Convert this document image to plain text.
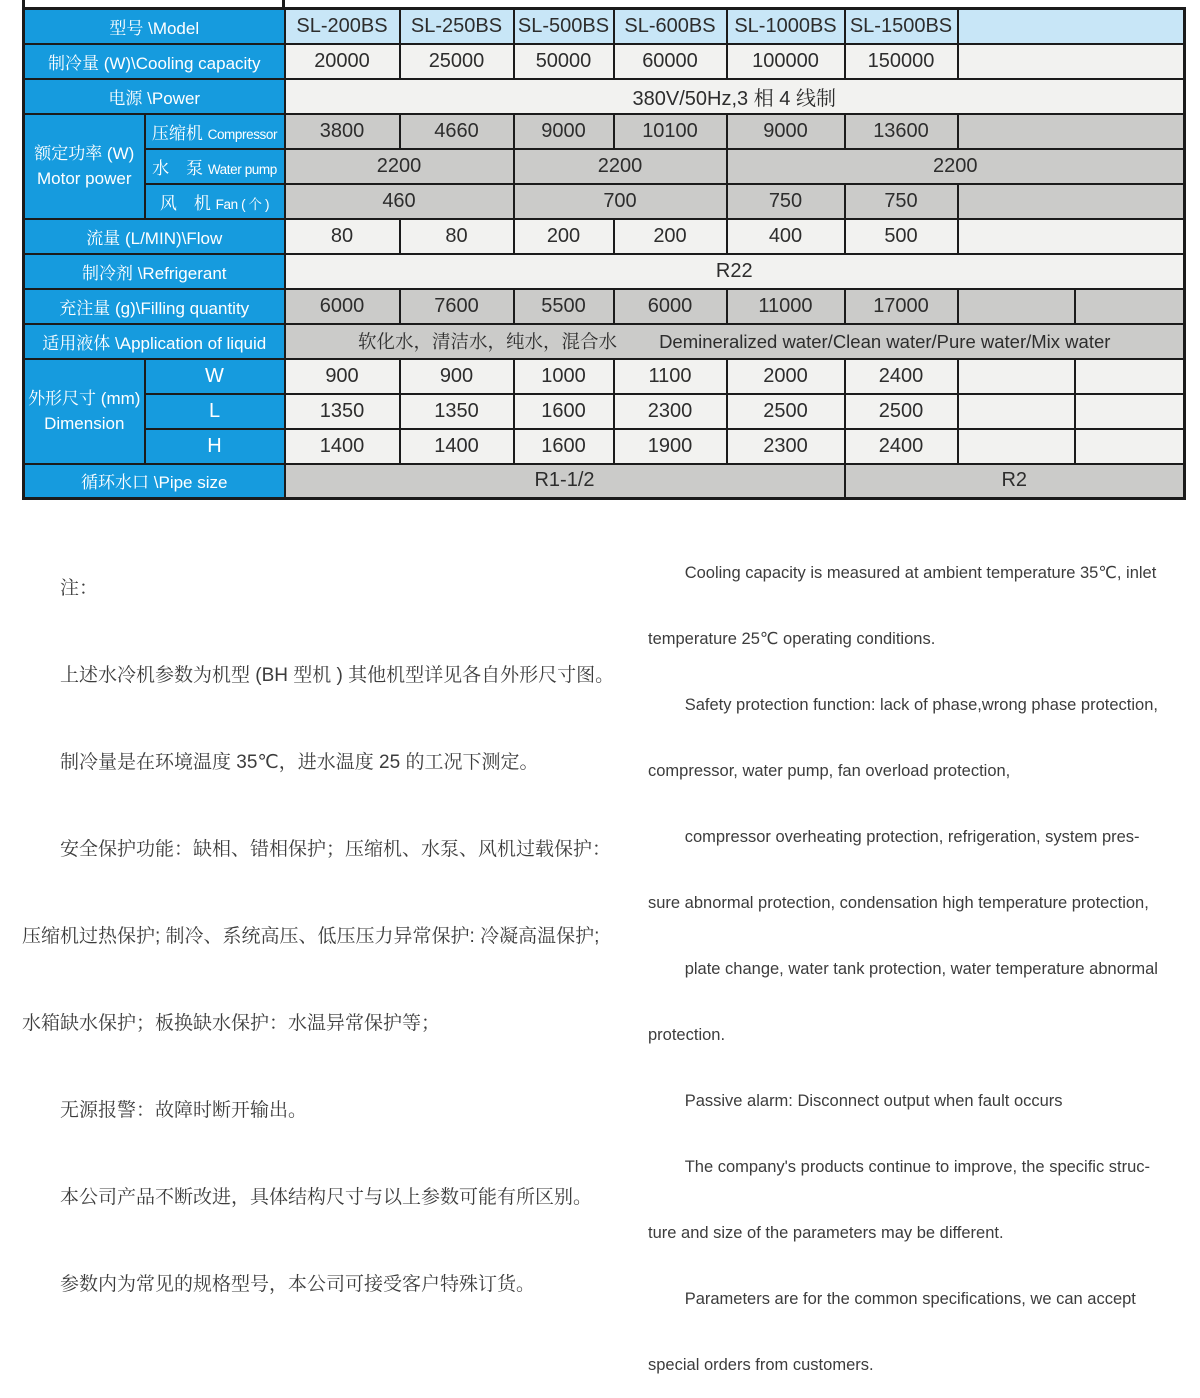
型号 \Model		SL-200BS	SL-250BS	SL-500BS	SL-600BS	SL-1000BS	SL-1500BS		
制冷量 (W)\Cooling capacity		20000	25000	50000	60000	100000	150000		
电源 \Power		380V/50Hz,3 相 4 线制							

额定功率 (W)
Motor power	压缩机 Compressor	3800	4660	9000	10100	9000	13600		
	水　泵 Water pump	2200		2200		2200			
	风　机 Fan ( 个 )	460		700		750	750		
流量 (L/MIN)\Flow		80	80	200	200	400	500		
制冷剂 \Refrigerant		R22							
充注量 (g)\Filling quantity		6000	7600	5500	6000	11000	17000		
适用液体 \Application of liquid		软化水，清洁水，纯水，混合水 Demineralized water/Clean water/Pure water/Mix water							

外形尺寸 (mm)
Dimension	W	900	900	1000	1100	2000	2400		
	L	1350	1350	1600	2300	2500	2500		
	H	1400	1400	1600	1900	2300	2400		
循环水口 \Pipe size		R1-1/2					R2		

　　注：

　　上述水冷机参数为机型 (BH 型机 ) 其他机型详见各自外形尺寸图。

　　制冷量是在环境温度 35℃，进水温度 25 的工况下测定。

　　安全保护功能：缺相、错相保护；压缩机、水泵、风机过载保护：

压缩机过热保护; 制冷、系统高压、低压压力异常保护: 冷凝高温保护;

水箱缺水保护；板换缺水保护：水温异常保护等；

　　无源报警：故障时断开输出。

　　本公司产品不断改进，具体结构尺寸与以上参数可能有所区别。

　　参数内为常见的规格型号，本公司可接受客户特殊订货。

Cooling capacity is measured at ambient temperature 35℃, inlet

temperature 25℃ operating conditions.

Safety protection function: lack of phase,wrong phase protection,

compressor, water pump, fan overload protection,

compressor overheating protection, refrigeration, system pres-

sure abnormal protection, condensation high temperature protection,

plate change, water tank protection, water temperature abnormal

protection.

Passive alarm: Disconnect output when fault occurs

The company's products continue to improve, the specific struc-

ture and size of the parameters may be different.

Parameters are for the common specifications, we can accept

special orders from customers.
